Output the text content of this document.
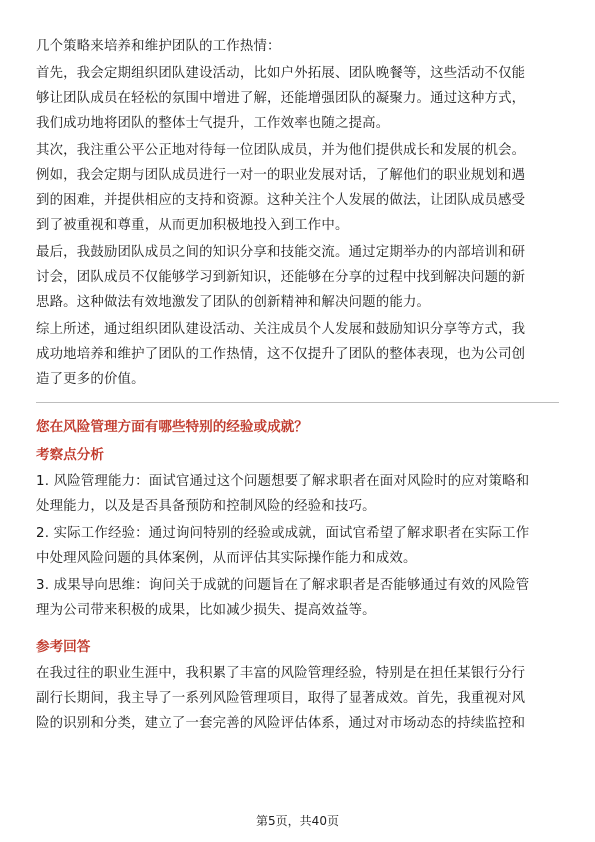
几个策略来培养和维护团队的工作热情：

首先，我会定期组织团队建设活动，比如户外拓展、团队晚餐等，这些活动不仅能
够让团队成员在轻松的氛围中增进了解，还能增强团队的凝聚力。通过这种方式，
我们成功地将团队的整体士气提升，工作效率也随之提高。

其次，我注重公平公正地对待每一位团队成员，并为他们提供成长和发展的机会。
例如，我会定期与团队成员进行一对一的职业发展对话，了解他们的职业规划和遇
到的困难，并提供相应的支持和资源。这种关注个人发展的做法，让团队成员感受
到了被重视和尊重，从而更加积极地投入到工作中。

最后，我鼓励团队成员之间的知识分享和技能交流。通过定期举办的内部培训和研
讨会，团队成员不仅能够学习到新知识，还能够在分享的过程中找到解决问题的新
思路。这种做法有效地激发了团队的创新精神和解决问题的能力。

综上所述，通过组织团队建设活动、关注成员个人发展和鼓励知识分享等方式，我
成功地培养和维护了团队的工作热情，这不仅提升了团队的整体表现，也为公司创
造了更多的价值。

您在风险管理方面有哪些特别的经验或成就？
考察点分析

1. 风险管理能力：面试官通过这个问题想要了解求职者在面对风险时的应对策略和
处理能力，以及是否具备预防和控制风险的经验和技巧。

2. 实际工作经验：通过询问特别的经验或成就，面试官希望了解求职者在实际工作
中处理风险问题的具体案例，从而评估其实际操作能力和成效。

3. 成果导向思维：询问关于成就的问题旨在了解求职者是否能够通过有效的风险管
理为公司带来积极的成果，比如减少损失、提高效益等。

参考回答

在我过往的职业生涯中，我积累了丰富的风险管理经验，特别是在担任某银行分行
副行长期间，我主导了一系列风险管理项目，取得了显著成效。首先，我重视对风
险的识别和分类，建立了一套完善的风险评估体系，通过对市场动态的持续监控和

第5页，共40页
